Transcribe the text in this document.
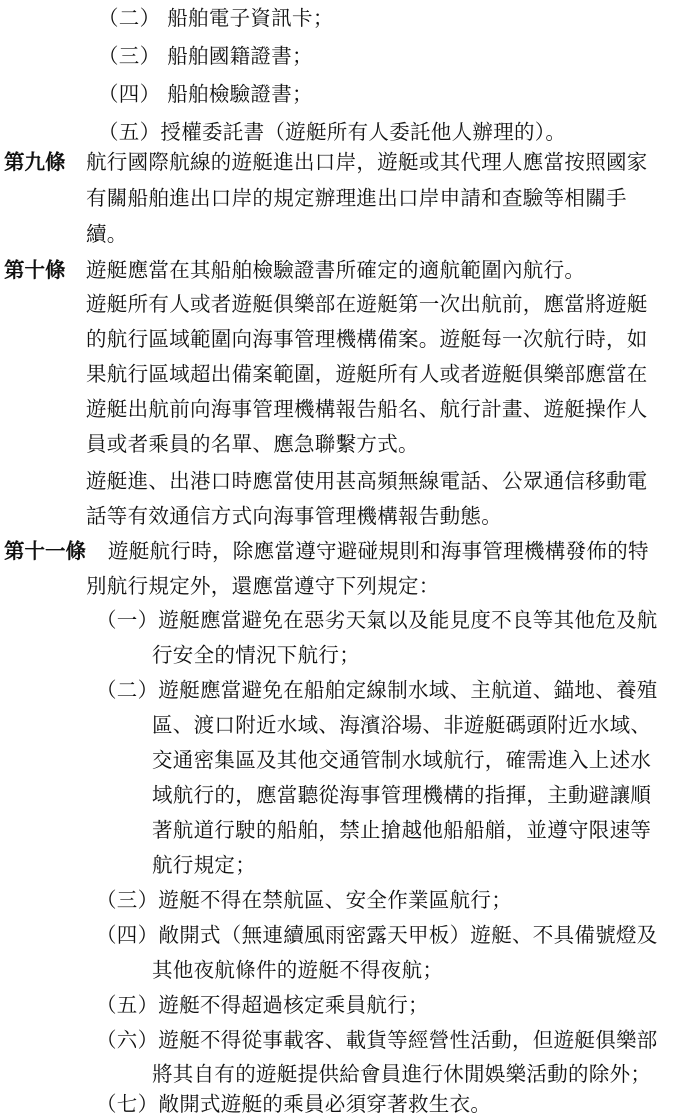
（二） 船舶電子資訊卡；
（三） 船舶國籍證書；
（四） 船舶檢驗證書；
（五）授權委託書（遊艇所有人委託他人辦理的）。
第九條 航行國際航線的遊艇進出口岸，遊艇或其代理人應當按照國家
有關船舶進出口岸的規定辦理進出口岸申請和查驗等相關手
續。
第十條 遊艇應當在其船舶檢驗證書所確定的適航範圍內航行。
遊艇所有人或者遊艇俱樂部在遊艇第一次出航前，應當將遊艇
的航行區域範圍向海事管理機構備案。遊艇每一次航行時，如
果航行區域超出備案範圍，遊艇所有人或者遊艇俱樂部應當在
遊艇出航前向海事管理機構報告船名、航行計畫、遊艇操作人
員或者乘員的名單、應急聯繫方式。
遊艇進、出港口時應當使用甚高頻無線電話、公眾通信移動電
話等有效通信方式向海事管理機構報告動態。
第十一條 遊艇航行時，除應當遵守避碰規則和海事管理機構發佈的特
別航行規定外，還應當遵守下列規定：
（一）遊艇應當避免在惡劣天氣以及能見度不良等其他危及航
行安全的情況下航行；
（二）遊艇應當避免在船舶定線制水域、主航道、錨地、養殖
區、渡口附近水域、海濱浴場、非遊艇碼頭附近水域、
交通密集區及其他交通管制水域航行，確需進入上述水
域航行的，應當聽從海事管理機構的指揮，主動避讓順
著航道行駛的船舶，禁止搶越他船船艏，並遵守限速等
航行規定；
（三）遊艇不得在禁航區、安全作業區航行；
（四）敞開式（無連續風雨密露天甲板）遊艇、不具備號燈及
其他夜航條件的遊艇不得夜航；
（五）遊艇不得超過核定乘員航行；
（六）遊艇不得從事載客、載貨等經營性活動，但遊艇俱樂部
將其自有的遊艇提供給會員進行休閒娛樂活動的除外；
（七）敞開式遊艇的乘員必須穿著救生衣。
